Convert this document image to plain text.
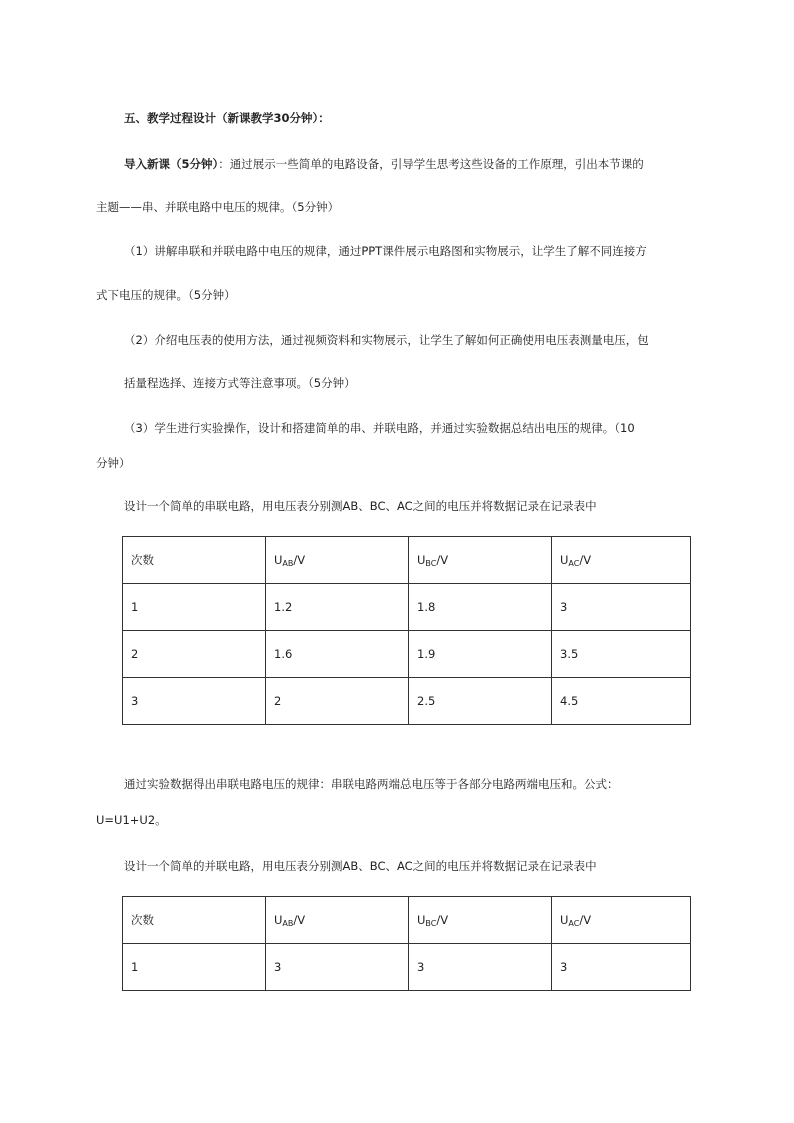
五、教学过程设计（新课教学30分钟）：
导入新课（5分钟）：通过展示一些简单的电路设备，引导学生思考这些设备的工作原理，引出本节课的
主题——串、并联电路中电压的规律。（5分钟）
（1）讲解串联和并联电路中电压的规律，通过PPT课件展示电路图和实物展示，让学生了解不同连接方
式下电压的规律。（5分钟）
（2）介绍电压表的使用方法，通过视频资料和实物展示，让学生了解如何正确使用电压表测量电压，包
括量程选择、连接方式等注意事项。（5分钟）
（3）学生进行实验操作，设计和搭建简单的串、并联电路，并通过实验数据总结出电压的规律。（10
分钟）
设计一个简单的串联电路，用电压表分别测AB、BC、AC之间的电压并将数据记录在记录表中
次数	$U_{AB}/V$	$U_{BC}/V$	$U_{AC}/V$
1	1.2	1.8	3
2	1.6	1.9	3.5
3	2	2.5	4.5
通过实验数据得出串联电路电压的规律：串联电路两端总电压等于各部分电路两端电压和。公式：
U=U1+U2。
设计一个简单的并联电路，用电压表分别测AB、BC、AC之间的电压并将数据记录在记录表中
次数	$U_{AB}/V$	$U_{BC}/V$	$U_{AC}/V$
1	3	3	3
